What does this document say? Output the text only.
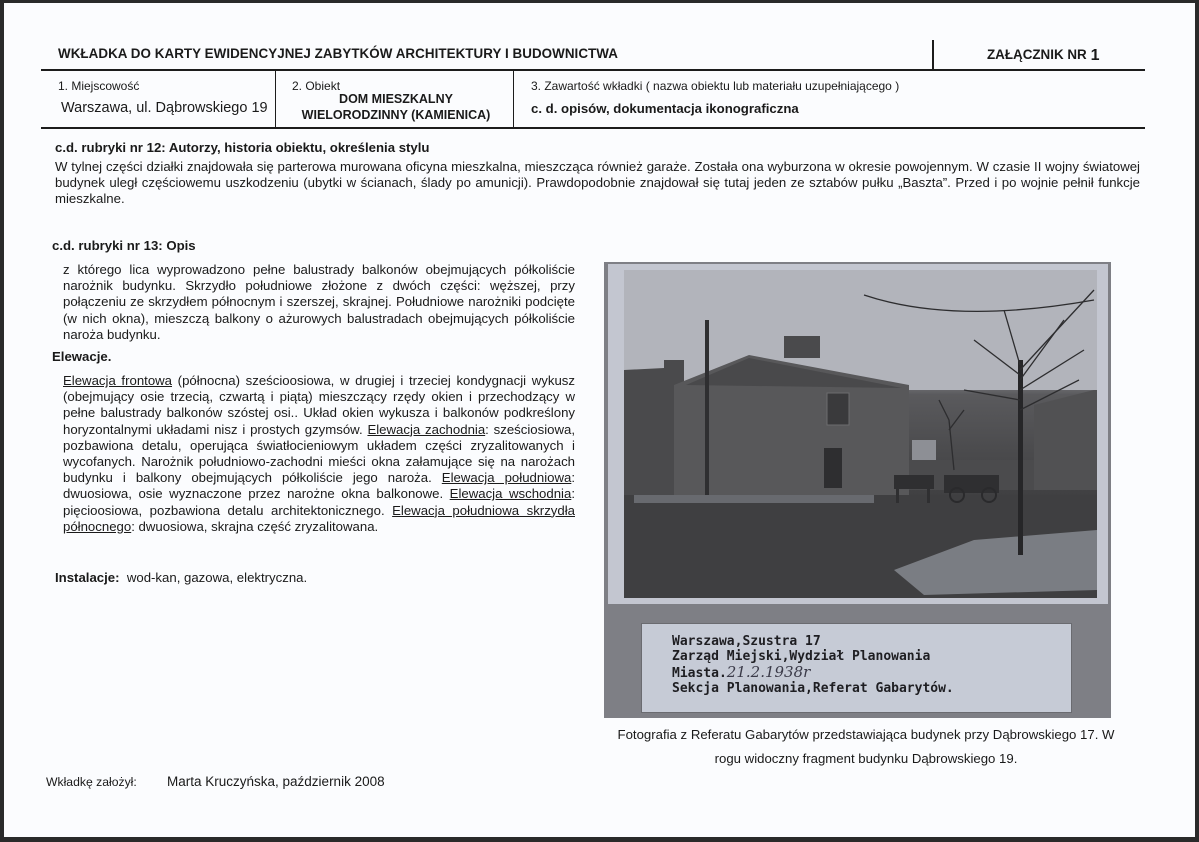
WKŁADKA DO KARTY EWIDENCYJNEJ ZABYTKÓW ARCHITEKTURY I BUDOWNICTWA	ZAŁĄCZNIK NR 1
1. Miejscowość
Warszawa, ul. Dąbrowskiego 19
2. Obiekt
DOM MIESZKALNY
WIELORODZINNY (KAMIENICA)
3. Zawartość wkładki ( nazwa obiektu lub materiału uzupełniającego )
c. d. opisów, dokumentacja ikonograficzna
c.d. rubryki nr 12: Autorzy, historia obiektu, określenia stylu
W tylnej części działki znajdowała się parterowa murowana oficyna mieszkalna, mieszcząca również garaże. Została ona wyburzona w okresie powojennym. W czasie II wojny światowej budynek uległ częściowemu uszkodzeniu (ubytki w ścianach, ślady po amunicji). Prawdopodobnie znajdował się tutaj jeden ze sztabów pułku „Baszta”. Przed i po wojnie pełnił funkcje mieszkalne.
c.d. rubryki nr 13: Opis
z którego lica wyprowadzono pełne balustrady balkonów obejmujących półkoliście narożnik budynku. Skrzydło południowe złożone z dwóch części: węższej, przy połączeniu ze skrzydłem północnym i szerszej, skrajnej. Południowe narożniki podcięte (w nich okna), mieszczą balkony o ażurowych balustradach obejmujących półkoliście naroża budynku.
Elewacje.
Elewacja frontowa (północna) sześcioosiowa, w drugiej i trzeciej kondygnacji wykusz (obejmujący osie trzecią, czwartą i piątą) mieszczący rzędy okien i przechodzący w pełne balustrady balkonów szóstej osi.. Układ okien wykusza i balkonów podkreślony horyzontalnymi układami nisz i prostych gzymsów. Elewacja zachodnia: sześciosiowa, pozbawiona detalu, operująca światłocieniowym układem części zryzalitowanych i wycofanych. Narożnik południowo-zachodni mieści okna załamujące się na narożach budynku i balkony obejmujących półkoliście jego naroża. Elewacja południowa: dwuosiowa, osie wyznaczone przez narożne okna balkonowe. Elewacja wschodnia: pięcioosiowa, pozbawiona detalu architektonicznego. Elewacja południowa skrzydła północnego: dwuosiowa, skrajna część zryzalitowana.
Instalacje: wod-kan, gazowa, elektryczna.
Warszawa,Szustra 17
Zarząd Miejski,Wydział Planowania
Miasta.21.2.1938r
Sekcja Planowania,Referat Gabarytów.
Fotografia z Referatu Gabarytów przedstawiająca budynek przy Dąbrowskiego 17. W rogu widoczny fragment budynku Dąbrowskiego 19.
Wkładkę założył: Marta Kruczyńska, październik 2008
